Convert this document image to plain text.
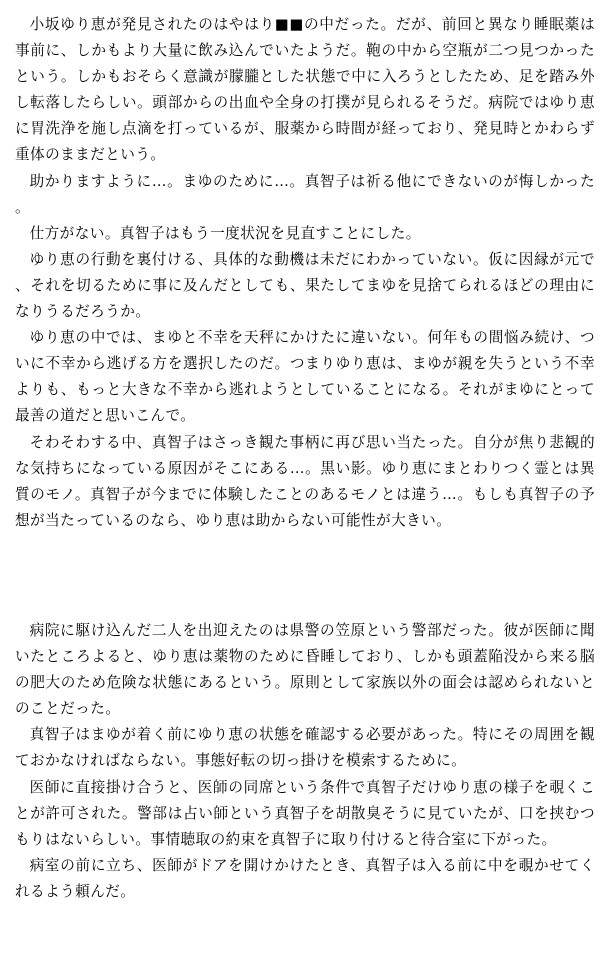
小坂ゆり恵が発見されたのはやはり■■の中だった。だが、前回と異なり睡眠薬は事前に、しかもより大量に飲み込んでいたようだ。鞄の中から空瓶が二つ見つかったという。しかもおそらく意識が朦朧とした状態で中に入ろうとしたため、足を踏み外し転落したらしい。頭部からの出血や全身の打撲が見られるそうだ。病院ではゆり恵に胃洗浄を施し点滴を打っているが、服薬から時間が経っており、発見時とかわらず重体のままだという。

助かりますように…。まゆのために…。真智子は祈る他にできないのが悔しかった。

仕方がない。真智子はもう一度状況を見直すことにした。

ゆり恵の行動を裏付ける、具体的な動機は未だにわかっていない。仮に因縁が元で、それを切るために事に及んだとしても、果たしてまゆを見捨てられるほどの理由になりうるだろうか。

ゆり恵の中では、まゆと不幸を天秤にかけたに違いない。何年もの間悩み続け、ついに不幸から逃げる方を選択したのだ。つまりゆり恵は、まゆが親を失うという不幸よりも、もっと大きな不幸から逃れようとしていることになる。それがまゆにとって最善の道だと思いこんで。

そわそわする中、真智子はさっき観た事柄に再び思い当たった。自分が焦り悲観的な気持ちになっている原因がそこにある…。黒い影。ゆり恵にまとわりつく霊とは異質のモノ。真智子が今までに体験したことのあるモノとは違う…。もしも真智子の予想が当たっているのなら、ゆり恵は助からない可能性が大きい。

病院に駆け込んだ二人を出迎えたのは県警の笠原という警部だった。彼が医師に聞いたところよると、ゆり恵は薬物のために昏睡しており、しかも頭蓋陥没から来る脳の肥大のため危険な状態にあるという。原則として家族以外の面会は認められないとのことだった。

真智子はまゆが着く前にゆり恵の状態を確認する必要があった。特にその周囲を観ておかなければならない。事態好転の切っ掛けを模索するために。

医師に直接掛け合うと、医師の同席という条件で真智子だけゆり恵の様子を覗くことが許可された。警部は占い師という真智子を胡散臭そうに見ていたが、口を挟むつもりはないらしい。事情聴取の約束を真智子に取り付けると待合室に下がった。

病室の前に立ち、医師がドアを開けかけたとき、真智子は入る前に中を覗かせてくれるよう頼んだ。
